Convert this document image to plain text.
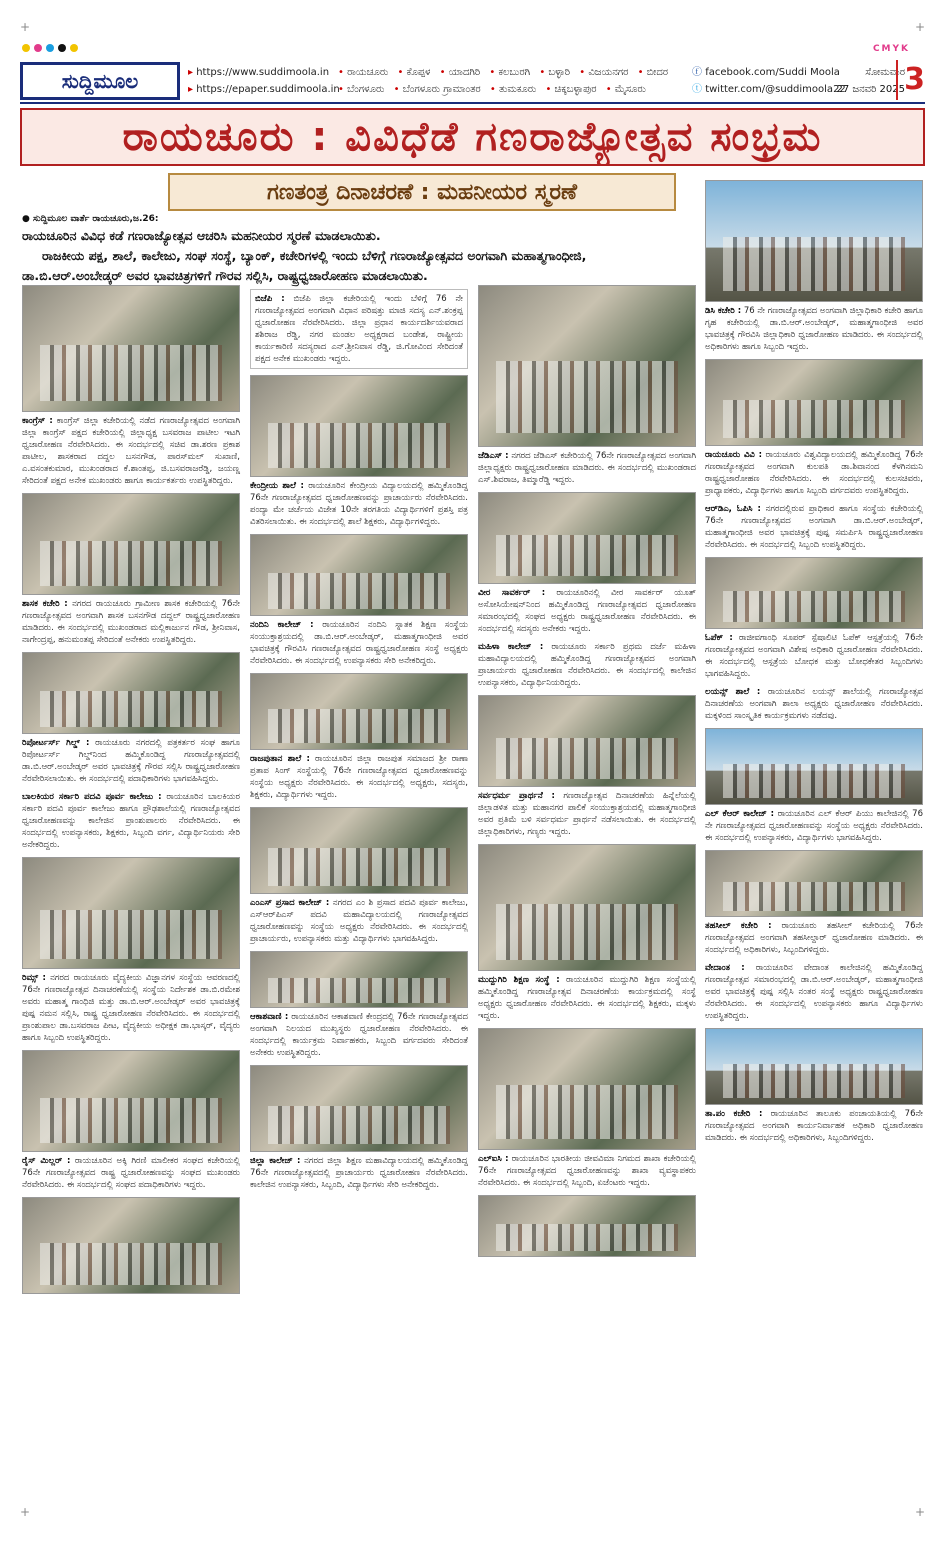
+	+
+	+
CMYK
ಸುದ್ದಿಮೂಲ	▸ https://www.suddimoola.in
▸ https://epaper.suddimoola.in
• ರಾಯಚೂರು • ಕೊಪ್ಪಳ • ಯಾದಗಿರಿ • ಕಲಬುರಗಿ • ಬಳ್ಳಾರಿ • ವಿಜಯನಗರ • ಬೀದರ
• ಬೆಂಗಳೂರು • ಬೆಂಗಳೂರು ಗ್ರಾಮಾಂತರ • ತುಮಕೂರು • ಚಿಕ್ಕಬಳ್ಳಾಪುರ • ಮೈಸೂರು
ⓕ facebook.com/Suddi Moola
ⓣ twitter.com/@suddimoola22
ಸೋಮವಾರ
27 ಜನವರಿ 2025 3
ರಾಯಚೂರು : ವಿವಿಧೆಡೆ ಗಣರಾಜ್ಯೋತ್ಸವ ಸಂಭ್ರಮ
ಗಣತಂತ್ರ ದಿನಾಚರಣೆ : ಮಹನೀಯರ ಸ್ಮರಣೆ
● ಸುದ್ದಿಮೂಲ ವಾರ್ತೆ ರಾಯಚೂರು,ಜ.26:
ರಾಯಚೂರಿನ ವಿವಿಧ ಕಡೆ ಗಣರಾಜ್ಯೋತ್ಸವ ಆಚರಿಸಿ ಮಹನೀಯರ ಸ್ಮರಣೆ ಮಾಡಲಾಯಿತು.
ರಾಜಕೀಯ ಪಕ್ಷ, ಶಾಲೆ, ಕಾಲೇಜು, ಸಂಘ ಸಂಸ್ಥೆ, ಬ್ಯಾಂಕ್, ಕಚೇರಿಗಳಲ್ಲಿ ಇಂದು ಬೆಳಿಗ್ಗೆ ಗಣರಾಜ್ಯೋತ್ಸವದ ಅಂಗವಾಗಿ ಮಹಾತ್ಮಗಾಂಧೀಜಿ,
ಡಾ.ಬಿ.ಆರ್.ಅಂಬೇಡ್ಕರ್ ಅವರ ಭಾವಚಿತ್ರಗಳಿಗೆ ಗೌರವ ಸಲ್ಲಿಸಿ, ರಾಷ್ಟ್ರಧ್ವಜಾರೋಹಣ ಮಾಡಲಾಯಿತು.
ಕಾಂಗ್ರೆಸ್ : ಕಾಂಗ್ರೆಸ್ ಜಿಲ್ಲಾ ಕಚೇರಿಯಲ್ಲಿ ನಡೆದ ಗಣರಾಜ್ಯೋತ್ಸವದ ಅಂಗವಾಗಿ ಜಿಲ್ಲಾ ಕಾಂಗ್ರೆಸ್ ಪಕ್ಷದ ಕಚೇರಿಯಲ್ಲಿ ಜಿಲ್ಲಾಧ್ಯಕ್ಷ ಬಸವರಾಜ ಪಾಟೀಲ ಇಟಗಿ ಧ್ವಜಾರೋಹಣ ನೆರವೇರಿಸಿದರು. ಈ ಸಂದರ್ಭದಲ್ಲಿ ಸಚಿವ ಡಾ.ಶರಣ ಪ್ರಕಾಶ ಪಾಟೀಲ, ಶಾಸಕರಾದ ದದ್ದಲ ಬಸನಗೌಡ, ಪಾರಸ್‌ಮಲ್ ಸುಖಾಣಿ, ಎ.ವಸಂತಕುಮಾರ, ಮುಖಂಡರಾದ ಕೆ.ಶಾಂತಪ್ಪ, ಜಿ.ಬಸವರಾಜರೆಡ್ಡಿ, ಜಯಣ್ಣ ಸೇರಿದಂತೆ ಪಕ್ಷದ ಅನೇಕ ಮುಖಂಡರು ಹಾಗೂ ಕಾರ್ಯಕರ್ತರು ಉಪಸ್ಥಿತರಿದ್ದರು.
ಶಾಸಕ ಕಚೇರಿ : ನಗರದ ರಾಯಚೂರು ಗ್ರಾಮೀಣ ಶಾಸಕ ಕಚೇರಿಯಲ್ಲಿ 76ನೇ ಗಣರಾಜ್ಯೋತ್ಸವದ ಅಂಗವಾಗಿ ಶಾಸಕ ಬಸನಗೌಡ ದದ್ದಲ್ ರಾಷ್ಟ್ರಧ್ವಜಾರೋಹಣ ಮಾಡಿದರು. ಈ ಸಂದರ್ಭದಲ್ಲಿ ಮುಖಂಡರಾದ ಮಲ್ಲಿಕಾರ್ಜುನ ಗೌಡ, ಶ್ರೀನಿವಾಸ, ನಾಗೇಂದ್ರಪ್ಪ, ಹನುಮಂತಪ್ಪ ಸೇರಿದಂತೆ ಅನೇಕರು ಉಪಸ್ಥಿತರಿದ್ದರು.
ರಿಪೋರ್ಟರ್ಸ್ ಗಿಲ್ಡ್ : ರಾಯಚೂರು ನಗರದಲ್ಲಿ ಪತ್ರಕರ್ತರ ಸಂಘ ಹಾಗೂ ರಿಪೋರ್ಟರ್ಸ್ ಗಿಲ್ಡ್‌ನಿಂದ ಹಮ್ಮಿಕೊಂಡಿದ್ದ ಗಣರಾಜ್ಯೋತ್ಸವದಲ್ಲಿ ಡಾ.ಬಿ.ಆರ್.ಅಂಬೇಡ್ಕರ್ ಅವರ ಭಾವಚಿತ್ರಕ್ಕೆ ಗೌರವ ಸಲ್ಲಿಸಿ ರಾಷ್ಟ್ರಧ್ವಜಾರೋಹಣ ನೆರವೇರಿಸಲಾಯಿತು. ಈ ಸಂದರ್ಭದಲ್ಲಿ ಪದಾಧಿಕಾರಿಗಳು ಭಾಗವಹಿಸಿದ್ದರು.
ಬಾಲಕಿಯರ ಸರ್ಕಾರಿ ಪದವಿ ಪೂರ್ವ ಕಾಲೇಜು : ರಾಯಚೂರಿನ ಬಾಲಕಿಯರ ಸರ್ಕಾರಿ ಪದವಿ ಪೂರ್ವ ಕಾಲೇಜು ಹಾಗೂ ಪ್ರೌಢಶಾಲೆಯಲ್ಲಿ ಗಣರಾಜ್ಯೋತ್ಸವದ ಧ್ವಜಾರೋಹಣವನ್ನು ಕಾಲೇಜಿನ ಪ್ರಾಂಶುಪಾಲರು ನೆರವೇರಿಸಿದರು. ಈ ಸಂದರ್ಭದಲ್ಲಿ ಉಪನ್ಯಾಸಕರು, ಶಿಕ್ಷಕರು, ಸಿಬ್ಬಂದಿ ವರ್ಗ, ವಿದ್ಯಾರ್ಥಿನಿಯರು ಸೇರಿ ಅನೇಕರಿದ್ದರು.
ರಿಮ್ಸ್ : ನಗರದ ರಾಯಚೂರು ವೈದ್ಯಕೀಯ ವಿಜ್ಞಾನಗಳ ಸಂಸ್ಥೆಯ ಆವರಣದಲ್ಲಿ 76ನೇ ಗಣರಾಜ್ಯೋತ್ಸವ ದಿನಾಚರಣೆಯಲ್ಲಿ ಸಂಸ್ಥೆಯ ನಿರ್ದೇಶಕ ಡಾ.ಬಿ.ರಮೇಶ ಅವರು ಮಹಾತ್ಮ ಗಾಂಧಿಜಿ ಮತ್ತು ಡಾ.ಬಿ.ಆರ್.ಅಂಬೇಡ್ಕರ್ ಅವರ ಭಾವಚಿತ್ರಕ್ಕೆ ಪುಷ್ಪ ನಮನ ಸಲ್ಲಿಸಿ, ರಾಷ್ಟ್ರ ಧ್ವಜಾರೋಹಣ ನೆರವೇರಿಸಿದರು. ಈ ಸಂದರ್ಭದಲ್ಲಿ ಪ್ರಾಂಶುಪಾಲ ಡಾ.ಬಸವರಾಜ ಪೀಟ, ವೈದ್ಯಕೀಯ ಅಧೀಕ್ಷಕ ಡಾ.ಭಾಸ್ಕರ್, ವೈದ್ಯರು ಹಾಗೂ ಸಿಬ್ಬಂದಿ ಉಪಸ್ಥಿತರಿದ್ದರು.
ರೈಸ್ ಮಿಲ್ಲರ್ : ರಾಯಚೂರಿನ ಅಕ್ಕಿ ಗಿರಣಿ ಮಾಲೀಕರ ಸಂಘದ ಕಚೇರಿಯಲ್ಲಿ 76ನೇ ಗಣರಾಜ್ಯೋತ್ಸವದ ರಾಷ್ಟ್ರ ಧ್ವಜಾರೋಹಣವನ್ನು ಸಂಘದ ಮುಖಂಡರು ನೆರವೇರಿಸಿದರು. ಈ ಸಂದರ್ಭದಲ್ಲಿ ಸಂಘದ ಪದಾಧಿಕಾರಿಗಳು ಇದ್ದರು.
ಬಿಜೆಪಿ : ಬಿಜೆಪಿ ಜಿಲ್ಲಾ ಕಚೇರಿಯಲ್ಲಿ ಇಂದು ಬೆಳಿಗ್ಗೆ 76 ನೇ ಗಣರಾಜ್ಯೋತ್ಸವದ ಅಂಗವಾಗಿ ವಿಧಾನ ಪರಿಷತ್ತು ಮಾಜಿ ಸದಸ್ಯ ಎನ್.ಶಂಕ್ರಪ್ಪ ಧ್ವಜಾರೋಹಣ ನೆರವೇರಿಸಿದರು. ಜಿಲ್ಲಾ ಪ್ರಧಾನ ಕಾರ್ಯದರ್ಶಿಯವರಾದ ಶಶಿರಾಜ ರೆಡ್ಡಿ, ನಗರ ಮಂಡಲ ಅಧ್ಯಕ್ಷರಾದ ಬಂಡೇಶ, ರಾಷ್ಟ್ರೀಯ ಕಾರ್ಯಕಾರಿಣಿ ಸದಸ್ಯರಾದ ಎನ್.ಶ್ರೀನಿವಾಸ ರೆಡ್ಡಿ, ಜಿ.ಗೋವಿಂದ ಸೇರಿದಂತೆ ಪಕ್ಷದ ಅನೇಕ ಮುಖಂಡರು ಇದ್ದರು.
ಕೇಂದ್ರೀಯ ಶಾಲೆ : ರಾಯಚೂರಿನ ಕೇಂದ್ರೀಯ ವಿದ್ಯಾಲಯದಲ್ಲಿ ಹಮ್ಮಿಕೊಂಡಿದ್ದ 76ನೇ ಗಣರಾಜ್ಯೋತ್ಸವದ ಧ್ವಜಾರೋಹಣವನ್ನು ಪ್ರಾಚಾರ್ಯರು ನೆರವೇರಿಸಿದರು. ಪಂದ್ಯಾ ಮೇ ಚರ್ಚೆಯ ವಿಜೇತ 10ನೇ ತರಗತಿಯ ವಿದ್ಯಾರ್ಥಿಗಳಿಗೆ ಪ್ರಶಸ್ತಿ ಪತ್ರ ವಿತರಿಸಲಾಯಿತು. ಈ ಸಂದರ್ಭದಲ್ಲಿ ಶಾಲೆ ಶಿಕ್ಷಕರು, ವಿದ್ಯಾರ್ಥಿಗಳಿದ್ದರು.
ನಂದಿನಿ ಕಾಲೇಜ್ : ರಾಯಚೂರಿನ ನಂದಿನಿ ಸ್ನಾತಕ ಶಿಕ್ಷಣ ಸಂಸ್ಥೆಯ ಸಂಯುಕ್ತಾಶ್ರಯದಲ್ಲಿ ಡಾ.ಬಿ.ಆರ್.ಅಂಬೇಡ್ಕರ್, ಮಹಾತ್ಮಗಾಂಧೀಜಿ ಅವರ ಭಾವಚಿತ್ರಕ್ಕೆ ಗೌರವಿಸಿ ಗಣರಾಜ್ಯೋತ್ಸವದ ರಾಷ್ಟ್ರಧ್ವಜಾರೋಹಣ ಸಂಸ್ಥೆ ಅಧ್ಯಕ್ಷರು ನೆರವೇರಿಸಿದರು. ಈ ಸಂದರ್ಭದಲ್ಲಿ ಉಪನ್ಯಾಸಕರು ಸೇರಿ ಅನೇಕರಿದ್ದರು.
ರಾಜಪುತಾನ ಶಾಲೆ : ರಾಯಚೂರಿನ ಜಿಲ್ಲಾ ರಾಜಪುತ ಸಮಾಜದ ಶ್ರೀ ರಾಣಾ ಪ್ರತಾಪ ಸಿಂಗ್ ಸಂಸ್ಥೆಯಲ್ಲಿ 76ನೇ ಗಣರಾಜ್ಯೋತ್ಸವದ ಧ್ವಜಾರೋಹಣವನ್ನು ಸಂಸ್ಥೆಯ ಅಧ್ಯಕ್ಷರು ನೆರವೇರಿಸಿದರು. ಈ ಸಂದರ್ಭದಲ್ಲಿ ಅಧ್ಯಕ್ಷರು, ಸದಸ್ಯರು, ಶಿಕ್ಷಕರು, ವಿದ್ಯಾರ್ಥಿಗಳು ಇದ್ದರು.
ಎಂಎಸ್ ಪ್ರಸಾದ ಕಾಲೇಜ್ : ನಗರದ ಎಂ ಶಿ ಪ್ರಸಾದ ಪದವಿ ಪೂರ್ವ ಕಾಲೇಜು, ಎಸ್‌ಆರ್‌ಪಿಎಸ್ ಪದವಿ ಮಹಾವಿದ್ಯಾಲಯದಲ್ಲಿ ಗಣರಾಜ್ಯೋತ್ಸವದ ಧ್ವಜಾರೋಹಣವನ್ನು ಸಂಸ್ಥೆಯ ಅಧ್ಯಕ್ಷರು ನೆರವೇರಿಸಿದರು. ಈ ಸಂದರ್ಭದಲ್ಲಿ ಪ್ರಾಚಾರ್ಯರು, ಉಪನ್ಯಾಸಕರು ಮತ್ತು ವಿದ್ಯಾರ್ಥಿಗಳು ಭಾಗವಹಿಸಿದ್ದರು.
ಆಕಾಶವಾಣಿ : ರಾಯಚೂರಿನ ಆಕಾಶವಾಣಿ ಕೇಂದ್ರದಲ್ಲಿ 76ನೇ ಗಣರಾಜ್ಯೋತ್ಸವದ ಅಂಗವಾಗಿ ನಿಲಯದ ಮುಖ್ಯಸ್ಥರು ಧ್ವಜಾರೋಹಣ ನೆರವೇರಿಸಿದರು. ಈ ಸಂದರ್ಭದಲ್ಲಿ ಕಾರ್ಯಕ್ರಮ ನಿರ್ವಾಹಕರು, ಸಿಬ್ಬಂದಿ ವರ್ಗದವರು ಸೇರಿದಂತೆ ಅನೇಕರು ಉಪಸ್ಥಿತರಿದ್ದರು.
ಜಿಲ್ಲಾ ಕಾಲೇಜ್ : ನಗರದ ಜಿಲ್ಲಾ ಶಿಕ್ಷಣ ಮಹಾವಿದ್ಯಾಲಯದಲ್ಲಿ ಹಮ್ಮಿಕೊಂಡಿದ್ದ 76ನೇ ಗಣರಾಜ್ಯೋತ್ಸವದಲ್ಲಿ ಪ್ರಾಚಾರ್ಯರು ಧ್ವಜಾರೋಹಣ ನೆರವೇರಿಸಿದರು. ಕಾಲೇಜಿನ ಉಪನ್ಯಾಸಕರು, ಸಿಬ್ಬಂದಿ, ವಿದ್ಯಾರ್ಥಿಗಳು ಸೇರಿ ಅನೇಕರಿದ್ದರು.
ಜೆಡಿಎಸ್ : ನಗರದ ಜೆಡಿಎಸ್ ಕಚೇರಿಯಲ್ಲಿ 76ನೇ ಗಣರಾಜ್ಯೋತ್ಸವದ ಅಂಗವಾಗಿ ಜಿಲ್ಲಾಧ್ಯಕ್ಷರು ರಾಷ್ಟ್ರಧ್ವಜಾರೋಹಣ ಮಾಡಿದರು. ಈ ಸಂದರ್ಭದಲ್ಲಿ ಮುಖಂಡರಾದ ಎಸ್.ಶಿವರಾಜ, ತಿಮ್ಮಾರೆಡ್ಡಿ ಇದ್ದರು.
ವೀರ ಸಾವರ್ಕರ್ : ರಾಯಚೂರಿನಲ್ಲಿ ವೀರ ಸಾವರ್ಕರ್ ಯೂತ್ ಅಸೋಸಿಯೇಷನ್‌ನಿಂದ ಹಮ್ಮಿಕೊಂಡಿದ್ದ ಗಣರಾಜ್ಯೋತ್ಸವದ ಧ್ವಜಾರೋಹಣ ಸಮಾರಂಭದಲ್ಲಿ ಸಂಘದ ಅಧ್ಯಕ್ಷರು ರಾಷ್ಟ್ರಧ್ವಜಾರೋಹಣ ನೆರವೇರಿಸಿದರು. ಈ ಸಂದರ್ಭದಲ್ಲಿ ಸದಸ್ಯರು ಅನೇಕರು ಇದ್ದರು.
ಮಹಿಳಾ ಕಾಲೇಜ್ : ರಾಯಚೂರು ಸರ್ಕಾರಿ ಪ್ರಥಮ ದರ್ಜೆ ಮಹಿಳಾ ಮಹಾವಿದ್ಯಾಲಯದಲ್ಲಿ ಹಮ್ಮಿಕೊಂಡಿದ್ದ ಗಣರಾಜ್ಯೋತ್ಸವದ ಅಂಗವಾಗಿ ಪ್ರಾಚಾರ್ಯರು ಧ್ವಜಾರೋಹಣ ನೆರವೇರಿಸಿದರು. ಈ ಸಂದರ್ಭದಲ್ಲಿ ಕಾಲೇಜಿನ ಉಪನ್ಯಾಸಕರು, ವಿದ್ಯಾರ್ಥಿನಿಯರಿದ್ದರು.
ಸರ್ವಧರ್ಮ ಪ್ರಾರ್ಥನೆ : ಗಣರಾಜ್ಯೋತ್ಸವ ದಿನಾಚರಣೆಯ ಹಿನ್ನೆಲೆಯಲ್ಲಿ ಜಿಲ್ಲಾಡಳಿತ ಮತ್ತು ಮಹಾನಗರ ಪಾಲಿಕೆ ಸಂಯುಕ್ತಾಶ್ರಯದಲ್ಲಿ ಮಹಾತ್ಮಗಾಂಧೀಜಿ ಅವರ ಪ್ರತಿಮೆ ಬಳಿ ಸರ್ವಧರ್ಮ ಪ್ರಾರ್ಥನೆ ನಡೆಸಲಾಯಿತು. ಈ ಸಂದರ್ಭದಲ್ಲಿ ಜಿಲ್ಲಾಧಿಕಾರಿಗಳು, ಗಣ್ಯರು ಇದ್ದರು.
ಮುದ್ದುಗಿರಿ ಶಿಕ್ಷಣ ಸಂಸ್ಥೆ : ರಾಯಚೂರಿನ ಮುದ್ದುಗಿರಿ ಶಿಕ್ಷಣ ಸಂಸ್ಥೆಯಲ್ಲಿ ಹಮ್ಮಿಕೊಂಡಿದ್ದ ಗಣರಾಜ್ಯೋತ್ಸವ ದಿನಾಚರಣೆಯ ಕಾರ್ಯಕ್ರಮದಲ್ಲಿ ಸಂಸ್ಥೆ ಅಧ್ಯಕ್ಷರು ಧ್ವಜಾರೋಹಣ ನೆರವೇರಿಸಿದರು. ಈ ಸಂದರ್ಭದಲ್ಲಿ ಶಿಕ್ಷಕರು, ಮಕ್ಕಳು ಇದ್ದರು.
ಎಲ್‌ಐಸಿ : ರಾಯಚೂರಿನ ಭಾರತೀಯ ಜೀವವಿಮಾ ನಿಗಮದ ಶಾಖಾ ಕಚೇರಿಯಲ್ಲಿ 76ನೇ ಗಣರಾಜ್ಯೋತ್ಸವದ ಧ್ವಜಾರೋಹಣವನ್ನು ಶಾಖಾ ವ್ಯವಸ್ಥಾಪಕರು ನೆರವೇರಿಸಿದರು. ಈ ಸಂದರ್ಭದಲ್ಲಿ ಸಿಬ್ಬಂದಿ, ಏಜೆಂಟರು ಇದ್ದರು.
ಡಿಸಿ ಕಚೇರಿ : 76 ನೇ ಗಣರಾಜ್ಯೋತ್ಸವದ ಅಂಗವಾಗಿ ಜಿಲ್ಲಾಧಿಕಾರಿ ಕಚೇರಿ ಹಾಗೂ ಗೃಹ ಕಚೇರಿಯಲ್ಲಿ ಡಾ.ಬಿ.ಆರ್.ಅಂಬೇಡ್ಕರ್, ಮಹಾತ್ಮಗಾಂಧೀಜಿ ಅವರ ಭಾವಚಿತ್ರಕ್ಕೆ ಗೌರವಿಸಿ ಜಿಲ್ಲಾಧಿಕಾರಿ ಧ್ವಜಾರೋಹಣ ಮಾಡಿದರು. ಈ ಸಂದರ್ಭದಲ್ಲಿ ಅಧಿಕಾರಿಗಳು ಹಾಗೂ ಸಿಬ್ಬಂದಿ ಇದ್ದರು.
ರಾಯಚೂರು ವಿವಿ : ರಾಯಚೂರು ವಿಶ್ವವಿದ್ಯಾಲಯದಲ್ಲಿ ಹಮ್ಮಿಕೊಂಡಿದ್ದ 76ನೇ ಗಣರಾಜ್ಯೋತ್ಸವದ ಅಂಗವಾಗಿ ಕುಲಪತಿ ಡಾ.ಶಿವಾನಂದ ಕೆಳಗಿನಮನಿ ರಾಷ್ಟ್ರಧ್ವಜಾರೋಹಣ ನೆರವೇರಿಸಿದರು. ಈ ಸಂದರ್ಭದಲ್ಲಿ ಕುಲಸಚಿವರು, ಪ್ರಾಧ್ಯಾಪಕರು, ವಿದ್ಯಾರ್ಥಿಗಳು ಹಾಗೂ ಸಿಬ್ಬಂದಿ ವರ್ಗದವರು ಉಪಸ್ಥಿತರಿದ್ದರು.
ಆರ್‌ಡಿಎ, ಓಪಿಸಿ : ನಗರದಲ್ಲಿರುವ ಪ್ರಾಧಿಕಾರ ಹಾಗೂ ಸಂಸ್ಥೆಯ ಕಚೇರಿಯಲ್ಲಿ 76ನೇ ಗಣರಾಜ್ಯೋತ್ಸವದ ಅಂಗವಾಗಿ ಡಾ.ಬಿ.ಆರ್.ಅಂಬೇಡ್ಕರ್, ಮಹಾತ್ಮಗಾಂಧೀಜಿ ಅವರ ಭಾವಚಿತ್ರಕ್ಕೆ ಪುಷ್ಪ ಸಮರ್ಪಿಸಿ ರಾಷ್ಟ್ರಧ್ವಜಾರೋಹಣ ನೆರವೇರಿಸಿದರು. ಈ ಸಂದರ್ಭದಲ್ಲಿ ಸಿಬ್ಬಂದಿ ಉಪಸ್ಥಿತರಿದ್ದರು.
ಓಪೆಕ್ : ರಾಜೀವಗಾಂಧಿ ಸೂಪರ್ ಸ್ಪೆಷಾಲಿಟಿ ಓಪೆಕ್ ಆಸ್ಪತ್ರೆಯಲ್ಲಿ 76ನೇ ಗಣರಾಜ್ಯೋತ್ಸವದ ಅಂಗವಾಗಿ ವಿಶೇಷ ಅಧಿಕಾರಿ ಧ್ವಜಾರೋಹಣ ನೆರವೇರಿಸಿದರು. ಈ ಸಂದರ್ಭದಲ್ಲಿ ಆಸ್ಪತ್ರೆಯ ಬೋಧಕ ಮತ್ತು ಬೋಧಕೇತರ ಸಿಬ್ಬಂದಿಗಳು ಭಾಗವಹಿಸಿದ್ದರು.
ಲಯನ್ಸ್ ಶಾಲೆ : ರಾಯಚೂರಿನ ಲಯನ್ಸ್ ಶಾಲೆಯಲ್ಲಿ ಗಣರಾಜ್ಯೋತ್ಸವ ದಿನಾಚರಣೆಯ ಅಂಗವಾಗಿ ಶಾಲಾ ಅಧ್ಯಕ್ಷರು ಧ್ವಜಾರೋಹಣ ನೆರವೇರಿಸಿದರು. ಮಕ್ಕಳಿಂದ ಸಾಂಸ್ಕೃತಿಕ ಕಾರ್ಯಕ್ರಮಗಳು ನಡೆದವು.
ಎಲ್ ಕೆ‌ಆರ್ ಕಾಲೇಜ್ : ರಾಯಚೂರಿನ ಎಲ್ ಕೆ‌ಆರ್ ಪಿಯು ಕಾಲೇಜಿನಲ್ಲಿ 76 ನೇ ಗಣರಾಜ್ಯೋತ್ಸವದ ಧ್ವಜಾರೋಹಣವನ್ನು ಸಂಸ್ಥೆಯ ಅಧ್ಯಕ್ಷರು ನೆರವೇರಿಸಿದರು. ಈ ಸಂದರ್ಭದಲ್ಲಿ ಉಪನ್ಯಾಸಕರು, ವಿದ್ಯಾರ್ಥಿಗಳು ಭಾಗವಹಿಸಿದ್ದರು.
ತಹಸೀಲ್ ಕಚೇರಿ : ರಾಯಚೂರು ತಹಸೀಲ್ ಕಚೇರಿಯಲ್ಲಿ 76ನೇ ಗಣರಾಜ್ಯೋತ್ಸವದ ಅಂಗವಾಗಿ ತಹಸೀಲ್ದಾರ್ ಧ್ವಜಾರೋಹಣ ಮಾಡಿದರು. ಈ ಸಂದರ್ಭದಲ್ಲಿ ಅಧಿಕಾರಿಗಳು, ಸಿಬ್ಬಂದಿಗಳಿದ್ದರು.
ವೇದಾಂತ : ರಾಯಚೂರಿನ ವೇದಾಂತ ಕಾಲೇಜಿನಲ್ಲಿ ಹಮ್ಮಿಕೊಂಡಿದ್ದ ಗಣರಾಜ್ಯೋತ್ಸವ ಸಮಾರಂಭದಲ್ಲಿ ಡಾ.ಬಿ.ಆರ್.ಅಂಬೇಡ್ಕರ್, ಮಹಾತ್ಮಗಾಂಧೀಜಿ ಅವರ ಭಾವಚಿತ್ರಕ್ಕೆ ಪುಷ್ಪ ಸಲ್ಲಿಸಿ ನಂತರ ಸಂಸ್ಥೆ ಅಧ್ಯಕ್ಷರು ರಾಷ್ಟ್ರಧ್ವಜಾರೋಹಣ ನೆರವೇರಿಸಿದರು. ಈ ಸಂದರ್ಭದಲ್ಲಿ ಉಪನ್ಯಾಸಕರು ಹಾಗೂ ವಿದ್ಯಾರ್ಥಿಗಳು ಉಪಸ್ಥಿತರಿದ್ದರು.
ತಾ.ಪಂ ಕಚೇರಿ : ರಾಯಚೂರಿನ ತಾಲೂಕು ಪಂಚಾಯತಿಯಲ್ಲಿ 76ನೇ ಗಣರಾಜ್ಯೋತ್ಸವದ ಅಂಗವಾಗಿ ಕಾರ್ಯನಿರ್ವಾಹಕ ಅಧಿಕಾರಿ ಧ್ವಜಾರೋಹಣ ಮಾಡಿದರು. ಈ ಸಂದರ್ಭದಲ್ಲಿ ಅಧಿಕಾರಿಗಳು, ಸಿಬ್ಬಂದಿಗಳಿದ್ದರು.
